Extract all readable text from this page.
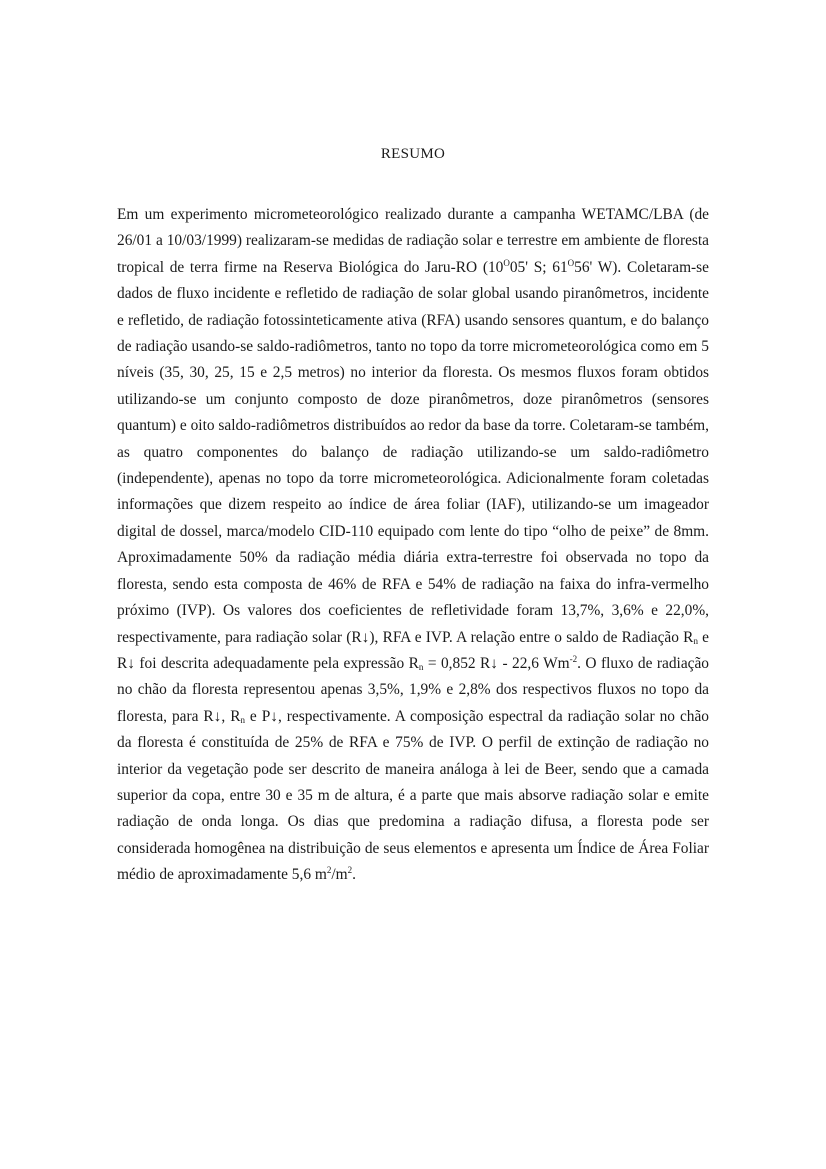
RESUMO

Em um experimento micrometeorológico realizado durante a campanha WETAMC/LBA (de 26/01 a 10/03/1999) realizaram-se medidas de radiação solar e terrestre em ambiente de floresta tropical de terra firme na Reserva Biológica do Jaru-RO ($10^O05'$ S; $61^O56'$ W). Coletaram-se dados de fluxo incidente e refletido de radiação de solar global usando piranômetros, incidente e refletido, de radiação fotossinteticamente ativa (RFA) usando sensores quantum, e do balanço de radiação usando-se saldo-radiômetros, tanto no topo da torre micrometeorológica como em 5 níveis (35, 30, 25, 15 e 2,5 metros) no interior da floresta. Os mesmos fluxos foram obtidos utilizando-se um conjunto composto de doze piranômetros, doze piranômetros (sensores quantum) e oito saldo-radiômetros distribuídos ao redor da base da torre. Coletaram-se também, as quatro componentes do balanço de radiação utilizando-se um saldo-radiômetro (independente), apenas no topo da torre micrometeorológica. Adicionalmente foram coletadas informações que dizem respeito ao índice de área foliar (IAF), utilizando-se um imageador digital de dossel, marca/modelo CID-110 equipado com lente do tipo “olho de peixe” de 8mm. Aproximadamente 50% da radiação média diária extra-terrestre foi observada no topo da floresta, sendo esta composta de 46% de RFA e 54% de radiação na faixa do infra-vermelho próximo (IVP). Os valores dos coeficientes de refletividade foram 13,7%, 3,6% e 22,0%, respectivamente, para radiação solar (R↓), RFA e IVP. A relação entre o saldo de Radiação $R_n$ e R↓ foi descrita adequadamente pela expressão $R_n = 0,852$ R↓ - 22,6 $Wm^{-2}$. O fluxo de radiação no chão da floresta representou apenas 3,5%, 1,9% e 2,8% dos respectivos fluxos no topo da floresta, para R↓, $R_n$ e P↓, respectivamente. A composição espectral da radiação solar no chão da floresta é constituída de 25% de RFA e 75% de IVP. O perfil de extinção de radiação no interior da vegetação pode ser descrito de maneira análoga à lei de Beer, sendo que a camada superior da copa, entre 30 e 35 m de altura, é a parte que mais absorve radiação solar e emite radiação de onda longa. Os dias que predomina a radiação difusa, a floresta pode ser considerada homogênea na distribuição de seus elementos e apresenta um Índice de Área Foliar médio de aproximadamente 5,6 $m^2/m^2$.
